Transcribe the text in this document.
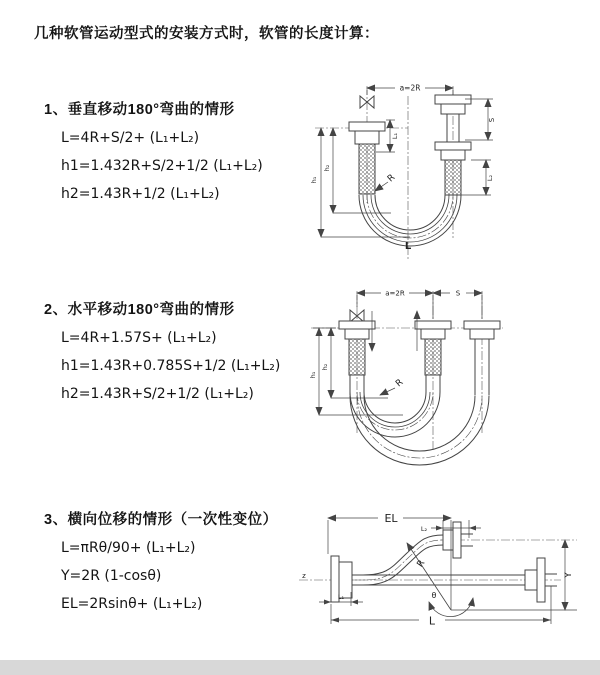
几种软管运动型式的安装方式时，软管的长度计算：
1、垂直移动180°弯曲的情形
L=4R+S/2+ (L₁+L₂)
h1=1.432R+S/2+1/2 (L₁+L₂)
h2=1.43R+1/2 (L₁+L₂)
2、水平移动180°弯曲的情形
L=4R+1.57S+ (L₁+L₂)
h1=1.43R+0.785S+1/2 (L₁+L₂)
h2=1.43R+S/2+1/2 (L₁+L₂)
3、横向位移的情形（一次性变位）
L=πRθ/90+ (L₁+L₂)
Y=2R (1-cosθ)
EL=2Rsinθ+ (L₁+L₂)
a=2R
S
L₂
L₁
h₁
h₂
R
L
a=2R	S
h₁
h₂
R
EL
L₂
Y
L
L₁
R
θ
z
